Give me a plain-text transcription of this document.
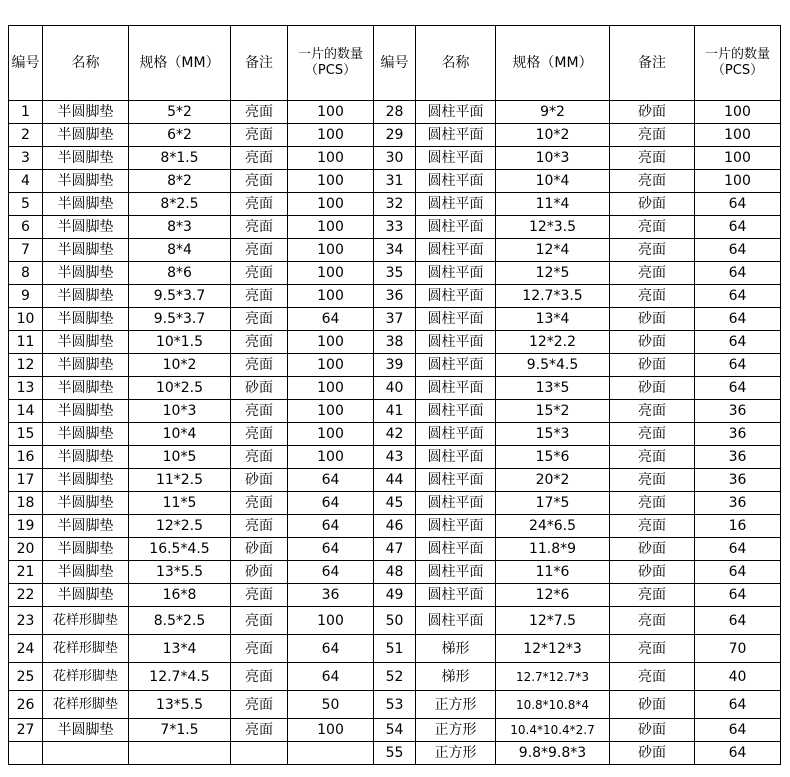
编号	名称	规格（MM）	备注	一片的数量（PCS）	编号	名称	规格（MM）	备注	一片的数量（PCS）
1	半圆脚垫	5*2	亮面	100	28	圆柱平面	9*2	砂面	100
2	半圆脚垫	6*2	亮面	100	29	圆柱平面	10*2	亮面	100
3	半圆脚垫	8*1.5	亮面	100	30	圆柱平面	10*3	亮面	100
4	半圆脚垫	8*2	亮面	100	31	圆柱平面	10*4	亮面	100
5	半圆脚垫	8*2.5	亮面	100	32	圆柱平面	11*4	砂面	64
6	半圆脚垫	8*3	亮面	100	33	圆柱平面	12*3.5	亮面	64
7	半圆脚垫	8*4	亮面	100	34	圆柱平面	12*4	亮面	64
8	半圆脚垫	8*6	亮面	100	35	圆柱平面	12*5	亮面	64
9	半圆脚垫	9.5*3.7	亮面	100	36	圆柱平面	12.7*3.5	亮面	64
10	半圆脚垫	9.5*3.7	亮面	64	37	圆柱平面	13*4	砂面	64
11	半圆脚垫	10*1.5	亮面	100	38	圆柱平面	12*2.2	砂面	64
12	半圆脚垫	10*2	亮面	100	39	圆柱平面	9.5*4.5	砂面	64
13	半圆脚垫	10*2.5	砂面	100	40	圆柱平面	13*5	砂面	64
14	半圆脚垫	10*3	亮面	100	41	圆柱平面	15*2	亮面	36
15	半圆脚垫	10*4	亮面	100	42	圆柱平面	15*3	亮面	36
16	半圆脚垫	10*5	亮面	100	43	圆柱平面	15*6	亮面	36
17	半圆脚垫	11*2.5	砂面	64	44	圆柱平面	20*2	亮面	36
18	半圆脚垫	11*5	亮面	64	45	圆柱平面	17*5	亮面	36
19	半圆脚垫	12*2.5	亮面	64	46	圆柱平面	24*6.5	亮面	16
20	半圆脚垫	16.5*4.5	砂面	64	47	圆柱平面	11.8*9	砂面	64
21	半圆脚垫	13*5.5	砂面	64	48	圆柱平面	11*6	砂面	64
22	半圆脚垫	16*8	亮面	36	49	圆柱平面	12*6	亮面	64
23	花样形脚垫	8.5*2.5	亮面	100	50	圆柱平面	12*7.5	亮面	64
24	花样形脚垫	13*4	亮面	64	51	梯形	12*12*3	亮面	70
25	花样形脚垫	12.7*4.5	亮面	64	52	梯形	12.7*12.7*3	亮面	40
26	花样形脚垫	13*5.5	亮面	50	53	正方形	10.8*10.8*4	砂面	64
27	半圆脚垫	7*1.5	亮面	100	54	正方形	10.4*10.4*2.7	砂面	64
					55	正方形	9.8*9.8*3	砂面	64
